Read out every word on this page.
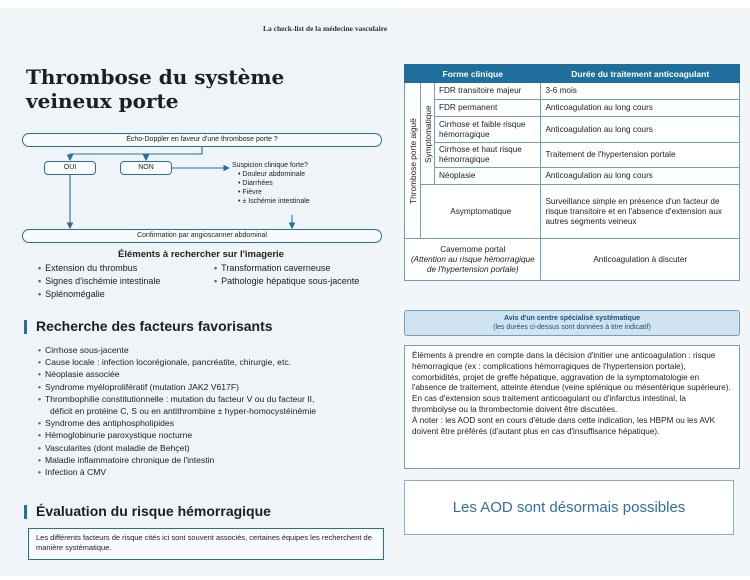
La check-list de la médecine vasculaire
Thrombose du système
veineux porte
Écho-Doppler en faveur d'une thrombose porte ?
OUI	NON	Suspicion clinique forte?
• Douleur abdominale
• Diarrhées
• Fièvre
• ± Ischémie intestinale
Confirmation par angioscanner abdominal
Éléments à rechercher sur l'imagerie
• Extension du thrombus
• Signes d'ischémie intestinale
• Splénomégalie
• Transformation caverneuse
• Pathologie hépatique sous-jacente
Recherche des facteurs favorisants
• Cirrhose sous-jacente
• Cause locale : infection locorégionale, pancréatite, chirurgie, etc.
• Néoplasie associée
• Syndrome myéloprolifératif (mutation JAK2 V617F)
• Thrombophilie constitutionnelle : mutation du facteur V ou du facteur II,
déficit en protéine C, S ou en antithrombine ± hyper-homocystéinémie
• Syndrome des antiphospholipides
• Hémoglobinurie paroxystique nocturne
• Vascularites (dont maladie de Behçet)
• Maladie inflammatoire chronique de l'intestin
• Infection à CMV
Évaluation du risque hémorragique
Les différents facteurs de risque cités ici sont souvent associés, certaines équipes les recherchent de manière systématique.
Forme clinique			Durée du traitement anticoagulant
Thrombose porte aiguë	Symptomatique	FDR transitoire majeur	3-6 mois
		FDR permanent	Anticoagulation au long cours
		Cirrhose et faible risque hémorragique	Anticoagulation au long cours
		Cirrhose et haut risque hémorragique	Traitement de l'hypertension portale
		Néoplasie	Anticoagulation au long cours
	Asymptomatique		Surveillance simple en présence d'un facteur de risque transitoire et en l'absence d'extension aux autres segments veineux

Cavernome portal
(Attention au risque hémorragique de l'hypertension portale)			Anticoagulation à discuter
Avis d'un centre spécialisé systématique
(les durées ci-dessus sont données à titre indicatif)

Éléments à prendre en compte dans la décision d'initier une anticoagulation : risque hémorragique (ex : complications hémorragiques de l'hypertension portale), comorbidités, projet de greffe hépatique, aggravation de la symptomatologie en l'absence de traitement, atteinte étendue (veine splénique ou mésentérique supérieure).

En cas d'extension sous traitement anticoagulant ou d'infarctus intestinal, la thrombolyse ou la thrombectomie doivent être discutées.

À noter : les AOD sont en cours d'étude dans cette indication, les HBPM ou les AVK doivent être préférés (d'autant plus en cas d'insuffisance hépatique).

Les AOD sont désormais possibles
